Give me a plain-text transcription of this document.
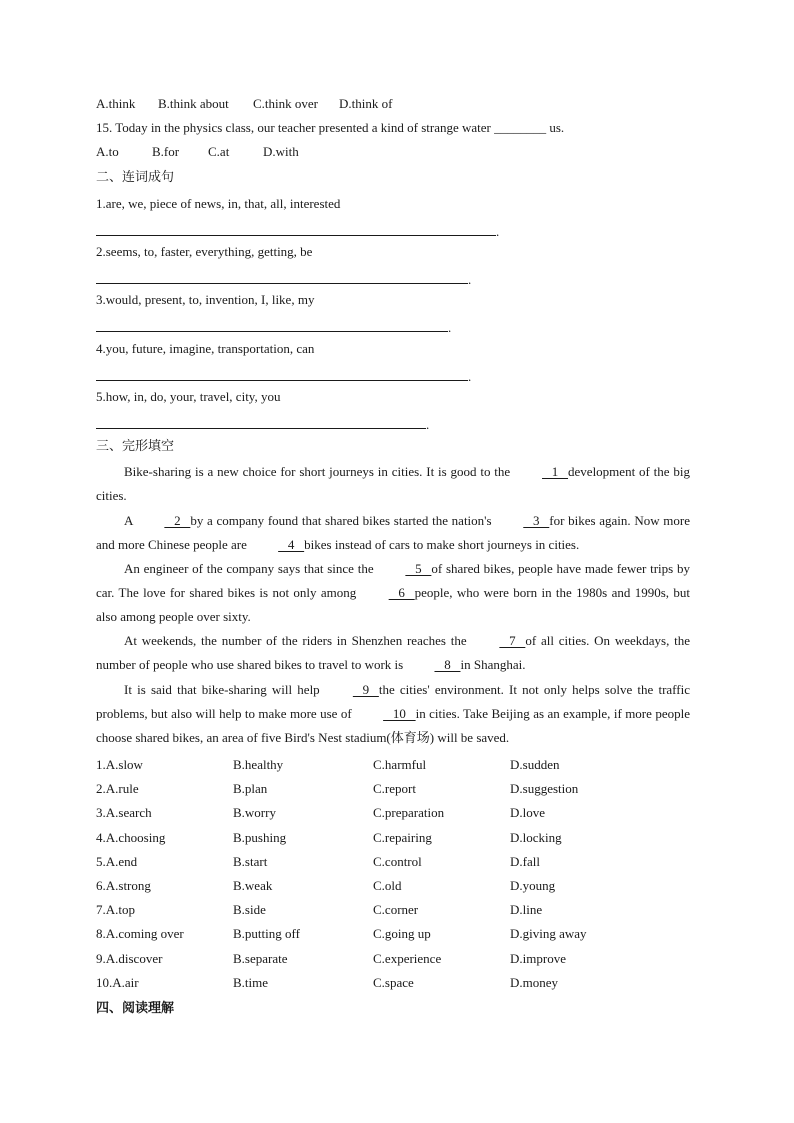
A.think B.think about C.think over D.think of
15. Today in the physics class, our teacher presented a kind of strange water ________ us.
A.to	B.for C.at	D.with
二、连词成句
1.are, we, piece of news, in, that, all, interested
.
2.seems, to, faster, everything, getting, be
.
3.would, present, to, invention, I, like, my
.
4.you, future, imagine, transportation, can
.
5.how, in, do, your, travel, city, you
.
三、完形填空
Bike-sharing is a new choice for short journeys in cities. It is good to the    1   development of the big cities.
A    2   by a company found that shared bikes started the nation's    3   for bikes again. Now more and more Chinese people are    4   bikes instead of cars to make short journeys in cities.
An engineer of the company says that since the    5   of shared bikes, people have made fewer trips by car. The love for shared bikes is not only among    6   people, who were born in the 1980s and 1990s, but also among people over sixty.
At weekends, the number of the riders in Shenzhen reaches the    7   of all cities. On weekdays, the number of people who use shared bikes to travel to work is    8   in Shanghai.
It is said that bike-sharing will help    9   the cities' environment. It not only helps solve the traffic problems, but also will help to make more use of    10   in cities. Take Beijing as an example, if more people choose shared bikes, an area of five Bird's Nest stadium(体育场) will be saved.
1.A.slow	B.healthy	C.harmful	D.sudden
2.A.rule	B.plan	C.report	D.suggestion
3.A.search	B.worry	C.preparation	D.love
4.A.choosing	B.pushing	C.repairing	D.locking
5.A.end	B.start	C.control	D.fall
6.A.strong	B.weak	C.old	D.young
7.A.top	B.side	C.corner	D.line
8.A.coming over	B.putting off	C.going up	D.giving away
9.A.discover	B.separate	C.experience	D.improve
10.A.air	B.time	C.space	D.money
四、阅读理解
